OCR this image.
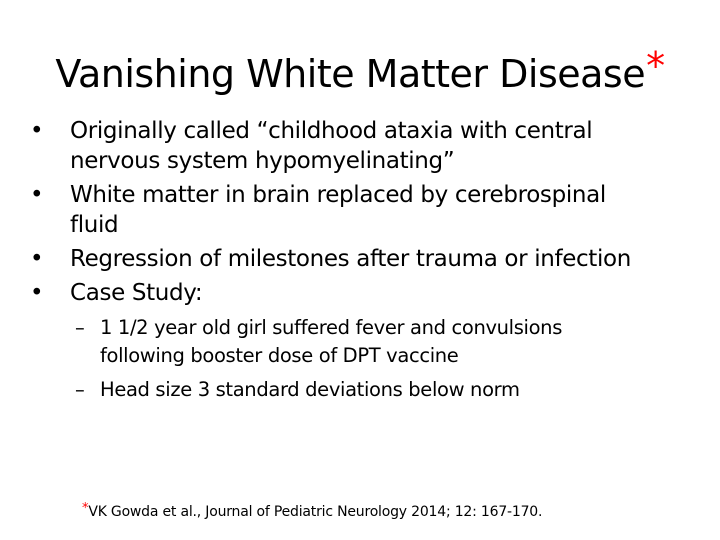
Vanishing White Matter Disease*
•	Originally called “childhood ataxia with central
nervous system hypomyelinating”
•	White matter in brain replaced by cerebrospinal
fluid
•	Regression of milestones after trauma or infection
•	Case Study:
– 1 1/2 year old girl suffered fever and convulsions
following booster dose of DPT vaccine
– Head size 3 standard deviations below norm
*VK Gowda et al., Journal of Pediatric Neurology 2014; 12: 167-170.
